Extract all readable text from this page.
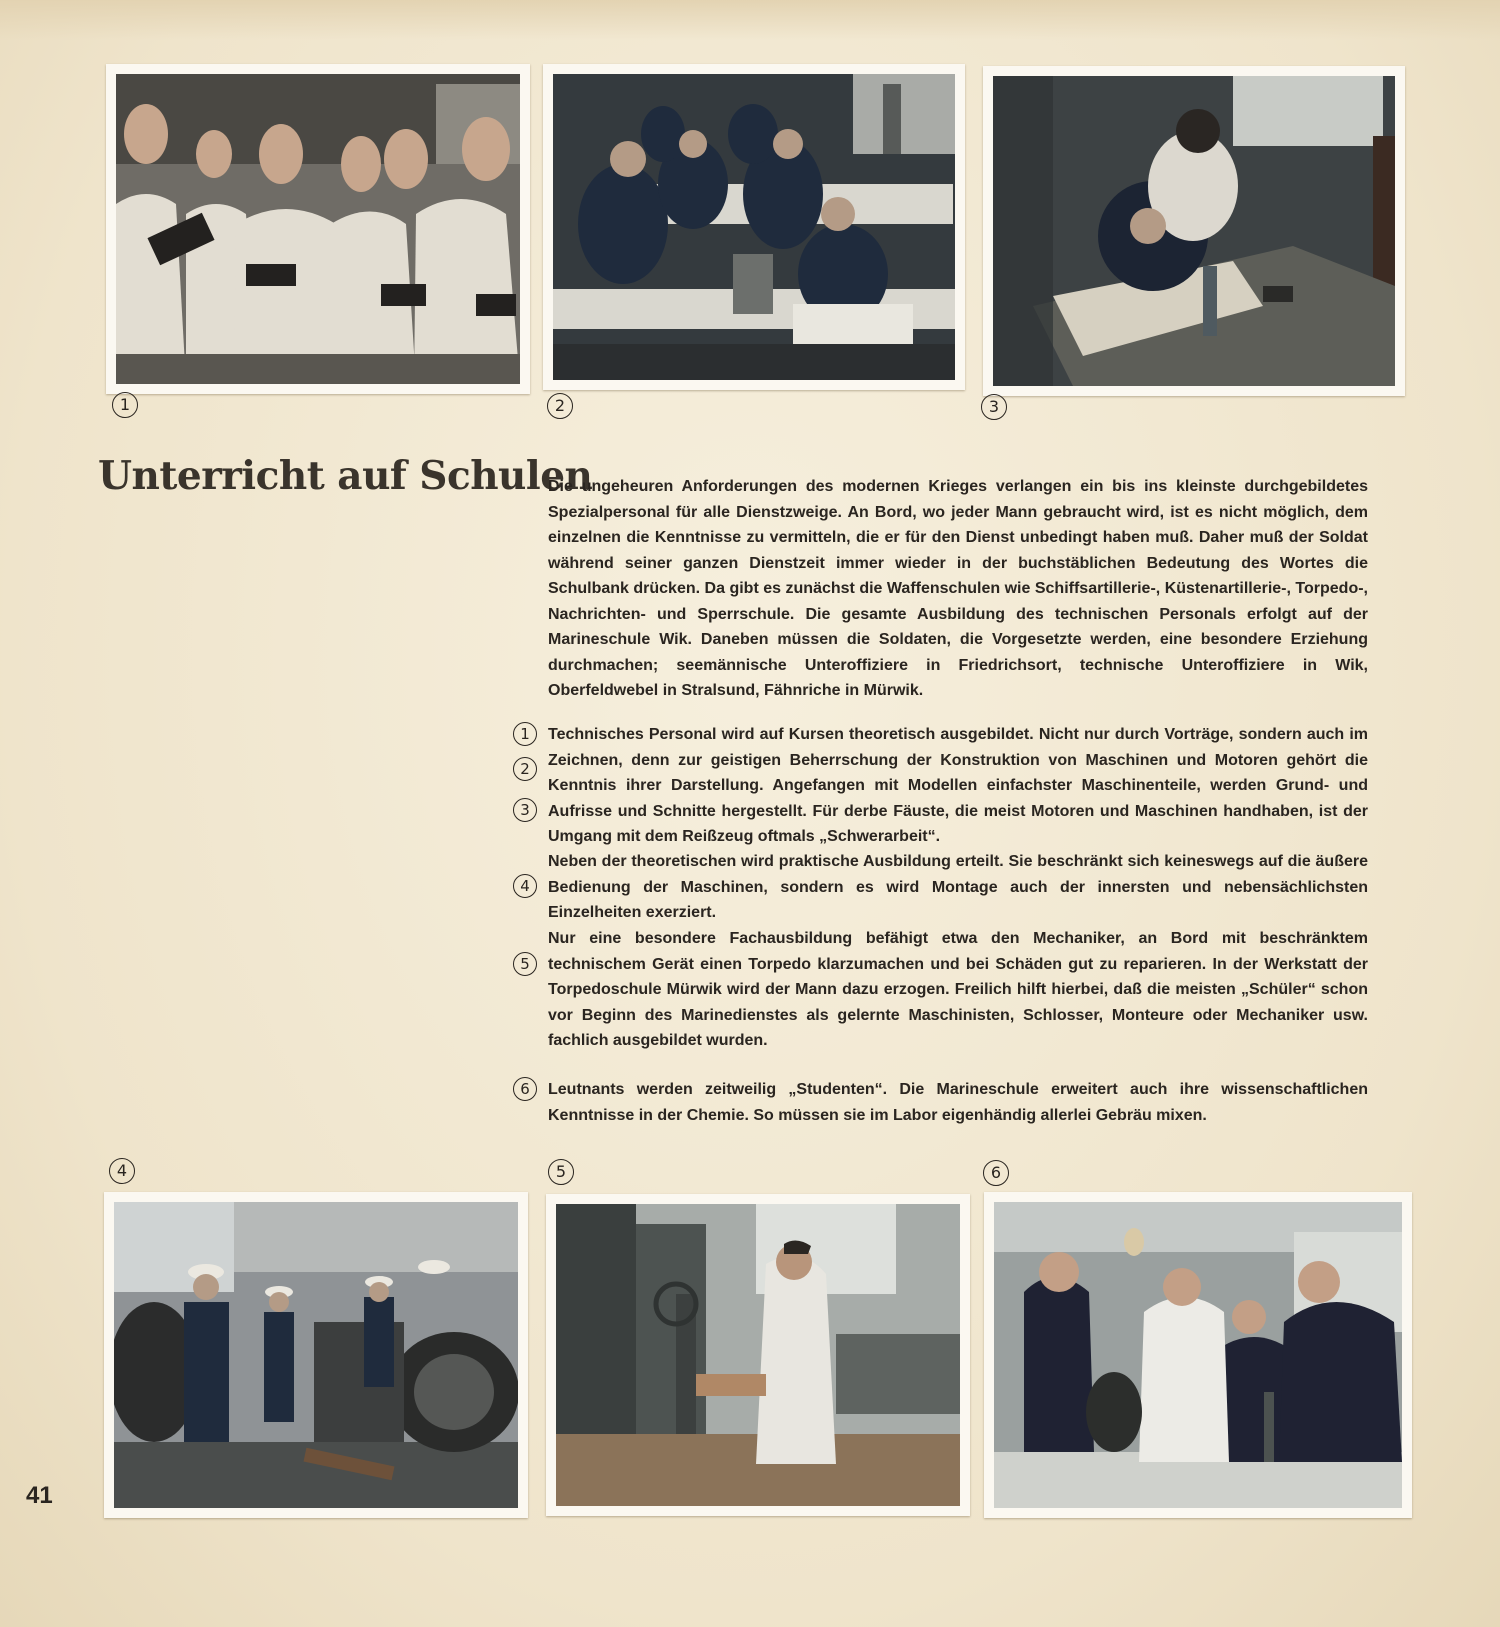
1	2	3
Unterricht auf Schulen

Die ungeheuren Anforderungen des modernen Krieges verlangen ein bis ins kleinste durchgebildetes Spezialpersonal für alle Dienstzweige. An Bord, wo jeder Mann gebraucht wird, ist es nicht möglich, dem einzelnen die Kenntnisse zu vermitteln, die er für den Dienst unbedingt haben muß. Daher muß der Soldat während seiner ganzen Dienstzeit immer wieder in der buchstäblichen Bedeutung des Wortes die Schulbank drücken. Da gibt es zunächst die Waffenschulen wie Schiffsartillerie-, Küstenartillerie-, Torpedo-, Nachrichten- und Sperrschule. Die gesamte Ausbildung des technischen Personals erfolgt auf der Marineschule Wik. Daneben müssen die Soldaten, die Vorgesetzte werden, eine besondere Erziehung durchmachen; seemännische Unteroffiziere in Friedrichsort, technische Unteroffiziere in Wik, Oberfeldwebel in Stralsund, Fähnriche in Mürwik.

1
2
3

Technisches Personal wird auf Kursen theoretisch ausgebildet. Nicht nur durch Vorträge, sondern auch im Zeichnen, denn zur geistigen Beherrschung der Konstruktion von Maschinen und Motoren gehört die Kenntnis ihrer Darstellung. Angefangen mit Modellen einfachster Maschinenteile, werden Grund- und Aufrisse und Schnitte hergestellt. Für derbe Fäuste, die meist Motoren und Maschinen handhaben, ist der Umgang mit dem Reißzeug oftmals „Schwerarbeit“.

4

Neben der theoretischen wird praktische Ausbildung erteilt. Sie beschränkt sich keineswegs auf die äußere Bedienung der Maschinen, sondern es wird Montage auch der innersten und nebensächlichsten Einzelheiten exerziert.

5

Nur eine besondere Fachausbildung befähigt etwa den Mechaniker, an Bord mit beschränktem technischem Gerät einen Torpedo klarzumachen und bei Schäden gut zu reparieren. In der Werkstatt der Torpedoschule Mürwik wird der Mann dazu erzogen. Freilich hilft hierbei, daß die meisten „Schüler“ schon vor Beginn des Marinedienstes als gelernte Maschinisten, Schlosser, Monteure oder Mechaniker usw. fachlich ausgebildet wurden.

6	Leutnants werden zeitweilig „Studenten“. Die Marineschule erweitert auch ihre wissenschaftlichen Kenntnisse in der Chemie. So müssen sie im Labor eigenhändig allerlei Gebräu mixen.

4	5	6
41
